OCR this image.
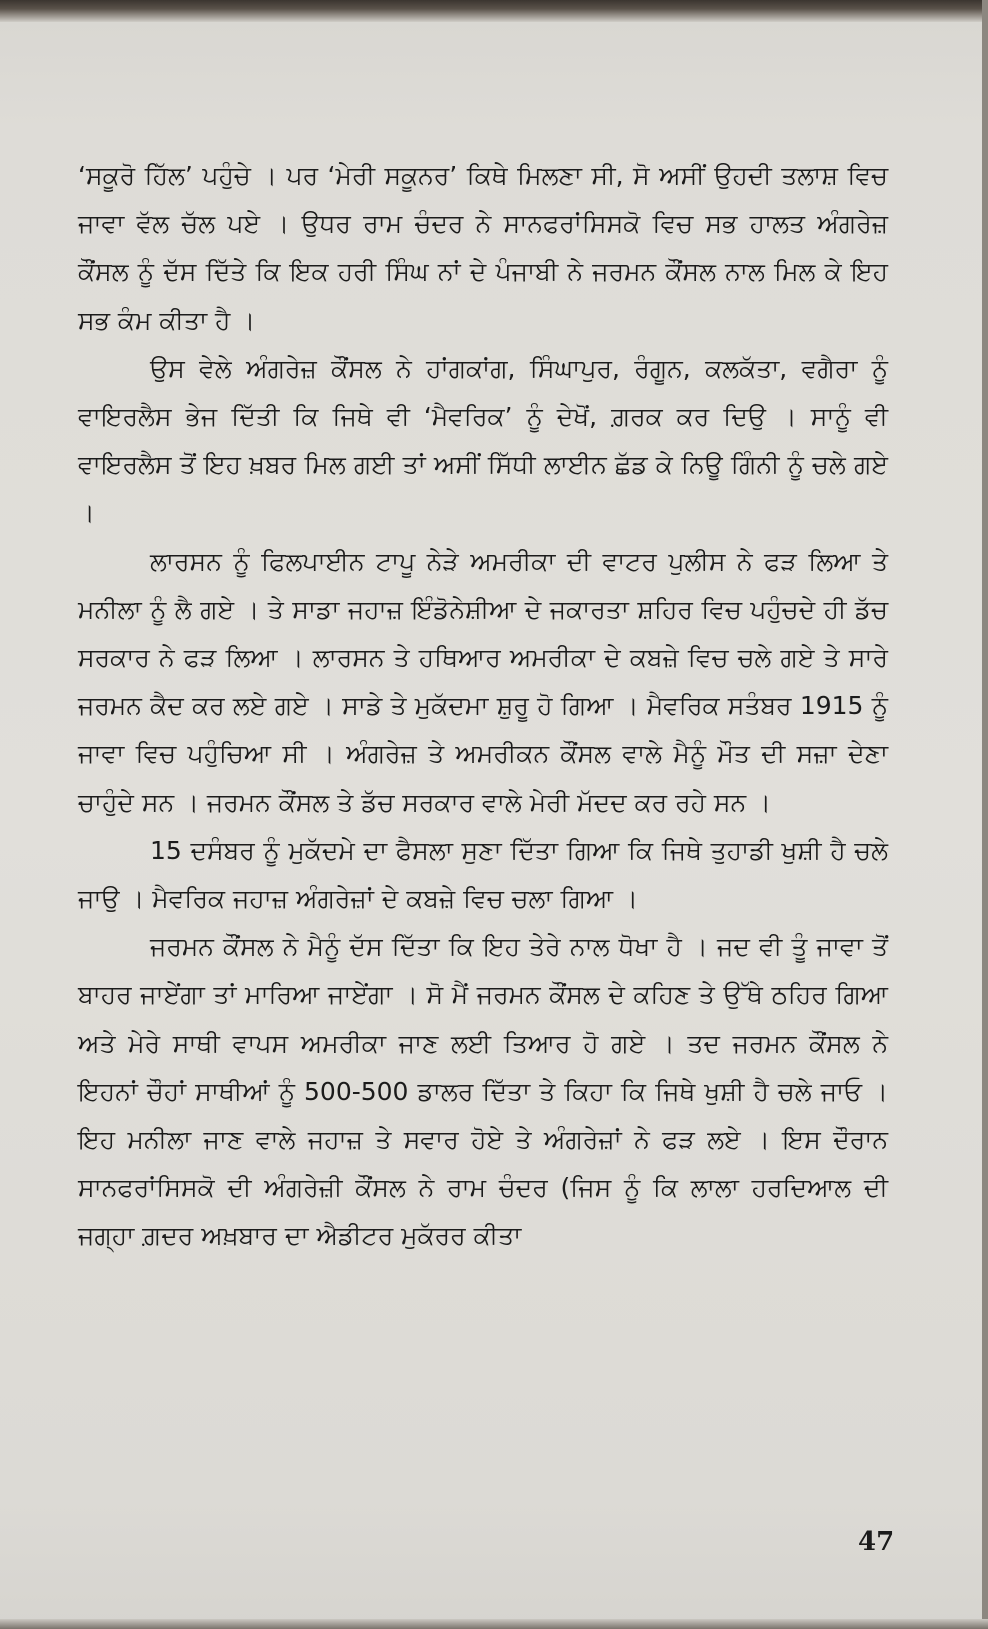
‘ਸਕੂਰੋ ਹਿੱਲ’ ਪਹੁੰਚੇ । ਪਰ ‘ਮੇਰੀ ਸਕੂਨਰ’ ਕਿਥੇ ਮਿਲਣਾ ਸੀ, ਸੋ ਅਸੀਂ ਉਹਦੀ ਤਲਾਸ਼ ਵਿਚ ਜਾਵਾ ਵੱਲ ਚੱਲ ਪਏ । ਉਧਰ ਰਾਮ ਚੰਦਰ ਨੇ ਸਾਨਫਰਾਂਸਿਸਕੋ ਵਿਚ ਸਭ ਹਾਲਤ ਅੰਗਰੇਜ਼ ਕੌਂਸਲ ਨੂੰ ਦੱਸ ਦਿੱਤੇ ਕਿ ਇਕ ਹਰੀ ਸਿੰਘ ਨਾਂ ਦੇ ਪੰਜਾਬੀ ਨੇ ਜਰਮਨ ਕੌਂਸਲ ਨਾਲ ਮਿਲ ਕੇ ਇਹ ਸਭ ਕੰਮ ਕੀਤਾ ਹੈ ।

ਉਸ ਵੇਲੇ ਅੰਗਰੇਜ਼ ਕੌਂਸਲ ਨੇ ਹਾਂਗਕਾਂਗ, ਸਿੰਘਾਪੁਰ, ਰੰਗੂਨ, ਕਲਕੱਤਾ, ਵਗੈਰਾ ਨੂੰ ਵਾਇਰਲੈਸ ਭੇਜ ਦਿੱਤੀ ਕਿ ਜਿਥੇ ਵੀ ‘ਮੈਵਰਿਕ’ ਨੂੰ ਦੇਖੋਂ, ਗ਼ਰਕ ਕਰ ਦਿਉ । ਸਾਨੂੰ ਵੀ ਵਾਇਰਲੈਸ ਤੋਂ ਇਹ ਖ਼ਬਰ ਮਿਲ ਗਈ ਤਾਂ ਅਸੀਂ ਸਿੱਧੀ ਲਾਈਨ ਛੱਡ ਕੇ ਨਿਊ ਗਿੰਨੀ ਨੂੰ ਚਲੇ ਗਏ ।

ਲਾਰਸਨ ਨੂੰ ਫਿਲਪਾਈਨ ਟਾਪੂ ਨੇੜੇ ਅਮਰੀਕਾ ਦੀ ਵਾਟਰ ਪੁਲੀਸ ਨੇ ਫੜ ਲਿਆ ਤੇ ਮਨੀਲਾ ਨੂੰ ਲੈ ਗਏ । ਤੇ ਸਾਡਾ ਜਹਾਜ਼ ਇੰਡੋਨੇਸ਼ੀਆ ਦੇ ਜਕਾਰਤਾ ਸ਼ਹਿਰ ਵਿਚ ਪਹੁੰਚਦੇ ਹੀ ਡੱਚ ਸਰਕਾਰ ਨੇ ਫੜ ਲਿਆ । ਲਾਰਸਨ ਤੇ ਹਥਿਆਰ ਅਮਰੀਕਾ ਦੇ ਕਬਜ਼ੇ ਵਿਚ ਚਲੇ ਗਏ ਤੇ ਸਾਰੇ ਜਰਮਨ ਕੈਦ ਕਰ ਲਏ ਗਏ । ਸਾਡੇ ਤੇ ਮੁਕੱਦਮਾ ਸ਼ੁਰੂ ਹੋ ਗਿਆ । ਮੈਵਰਿਕ ਸਤੰਬਰ 1915 ਨੂੰ ਜਾਵਾ ਵਿਚ ਪਹੁੰਚਿਆ ਸੀ । ਅੰਗਰੇਜ਼ ਤੇ ਅਮਰੀਕਨ ਕੌਂਸਲ ਵਾਲੇ ਮੈਨੂੰ ਮੌਤ ਦੀ ਸਜ਼ਾ ਦੇਣਾ ਚਾਹੁੰਦੇ ਸਨ । ਜਰਮਨ ਕੌਂਸਲ ਤੇ ਡੱਚ ਸਰਕਾਰ ਵਾਲੇ ਮੇਰੀ ਮੱਦਦ ਕਰ ਰਹੇ ਸਨ ।

15 ਦਸੰਬਰ ਨੂੰ ਮੁਕੱਦਮੇ ਦਾ ਫੈਸਲਾ ਸੁਣਾ ਦਿੱਤਾ ਗਿਆ ਕਿ ਜਿਥੇ ਤੁਹਾਡੀ ਖੁਸ਼ੀ ਹੈ ਚਲੇ ਜਾਉ । ਮੈਵਰਿਕ ਜਹਾਜ਼ ਅੰਗਰੇਜ਼ਾਂ ਦੇ ਕਬਜ਼ੇ ਵਿਚ ਚਲਾ ਗਿਆ ।

ਜਰਮਨ ਕੌਂਸਲ ਨੇ ਮੈਨੂੰ ਦੱਸ ਦਿੱਤਾ ਕਿ ਇਹ ਤੇਰੇ ਨਾਲ ਧੋਖਾ ਹੈ । ਜਦ ਵੀ ਤੂੰ ਜਾਵਾ ਤੋਂ ਬਾਹਰ ਜਾਏਂਗਾ ਤਾਂ ਮਾਰਿਆ ਜਾਏਂਗਾ । ਸੋ ਮੈਂ ਜਰਮਨ ਕੌਂਸਲ ਦੇ ਕਹਿਣ ਤੇ ਉੱਥੇ ਠਹਿਰ ਗਿਆ ਅਤੇ ਮੇਰੇ ਸਾਥੀ ਵਾਪਸ ਅਮਰੀਕਾ ਜਾਣ ਲਈ ਤਿਆਰ ਹੋ ਗਏ । ਤਦ ਜਰਮਨ ਕੌਂਸਲ ਨੇ ਇਹਨਾਂ ਚੌਹਾਂ ਸਾਥੀਆਂ ਨੂੰ 500-500 ਡਾਲਰ ਦਿੱਤਾ ਤੇ ਕਿਹਾ ਕਿ ਜਿਥੇ ਖੁਸ਼ੀ ਹੈ ਚਲੇ ਜਾਓ । ਇਹ ਮਨੀਲਾ ਜਾਣ ਵਾਲੇ ਜਹਾਜ਼ ਤੇ ਸਵਾਰ ਹੋਏ ਤੇ ਅੰਗਰੇਜ਼ਾਂ ਨੇ ਫੜ ਲਏ । ਇਸ ਦੌਰਾਨ ਸਾਨਫਰਾਂਸਿਸਕੋ ਦੀ ਅੰਗਰੇਜ਼ੀ ਕੌਂਸਲ ਨੇ ਰਾਮ ਚੰਦਰ (ਜਿਸ ਨੂੰ ਕਿ ਲਾਲਾ ਹਰਦਿਆਲ ਦੀ ਜਗ੍ਹਾ ਗ਼ਦਰ ਅਖ਼ਬਾਰ ਦਾ ਐਡੀਟਰ ਮੁਕੱਰਰ ਕੀਤਾ

47
